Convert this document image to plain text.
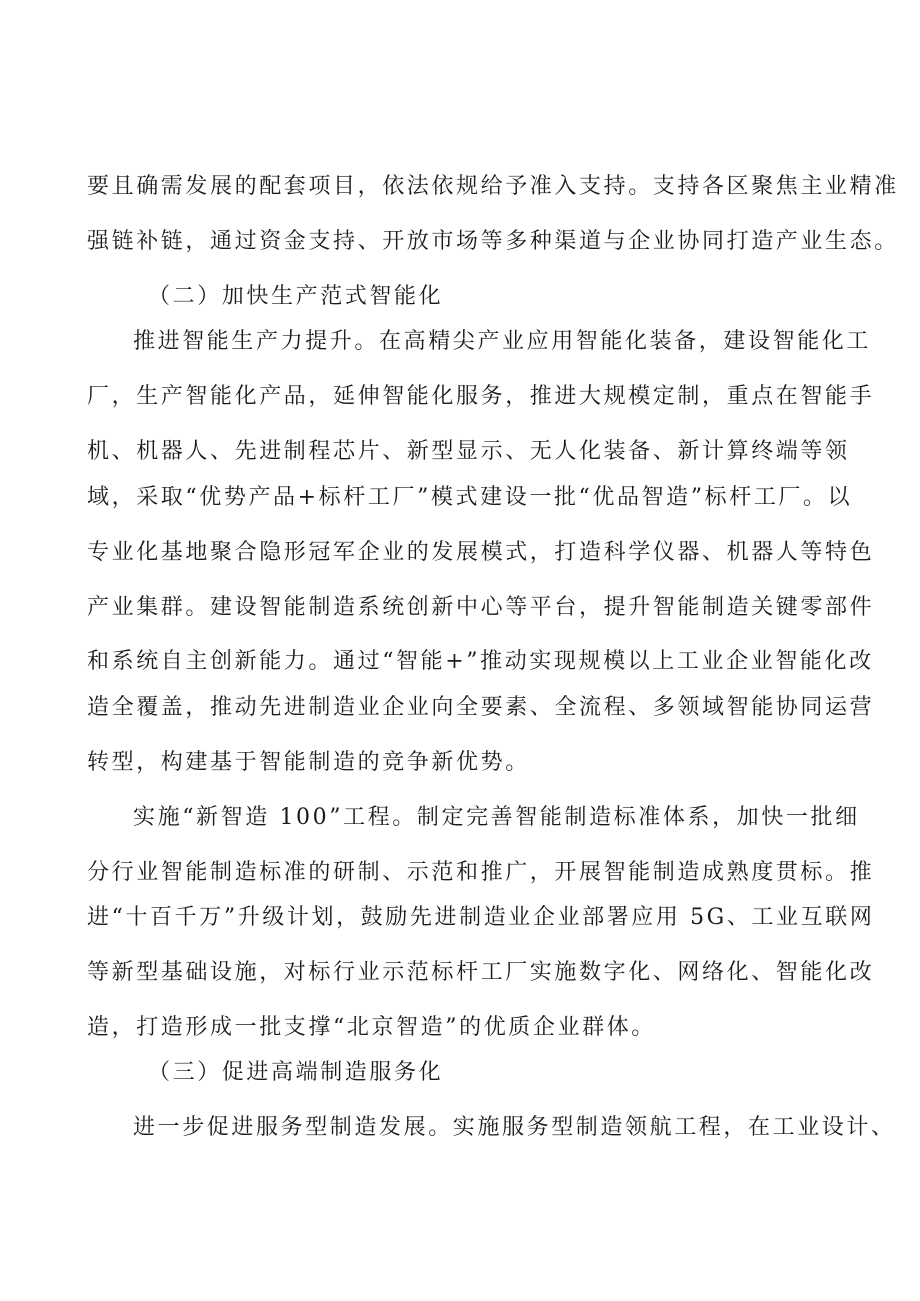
要且确需发展的配套项目，依法依规给予准入支持。支持各区聚焦主业精准
强链补链，通过资金支持、开放市场等多种渠道与企业协同打造产业生态。
（二）加快生产范式智能化
推进智能生产力提升。在高精尖产业应用智能化装备，建设智能化工
厂，生产智能化产品，延伸智能化服务，推进大规模定制，重点在智能手
机、机器人、先进制程芯片、新型显示、无人化装备、新计算终端等领
域，采取“优势产品+标杆工厂”模式建设一批“优品智造”标杆工厂。以
专业化基地聚合隐形冠军企业的发展模式，打造科学仪器、机器人等特色
产业集群。建设智能制造系统创新中心等平台，提升智能制造关键零部件
和系统自主创新能力。通过“智能+”推动实现规模以上工业企业智能化改
造全覆盖，推动先进制造业企业向全要素、全流程、多领域智能协同运营
转型，构建基于智能制造的竞争新优势。
实施“新智造 100”工程。制定完善智能制造标准体系，加快一批细
分行业智能制造标准的研制、示范和推广，开展智能制造成熟度贯标。推
进“十百千万”升级计划，鼓励先进制造业企业部署应用 5G、工业互联网
等新型基础设施，对标行业示范标杆工厂实施数字化、网络化、智能化改
造，打造形成一批支撑“北京智造”的优质企业群体。
（三）促进高端制造服务化
进一步促进服务型制造发展。实施服务型制造领航工程，在工业设计、
